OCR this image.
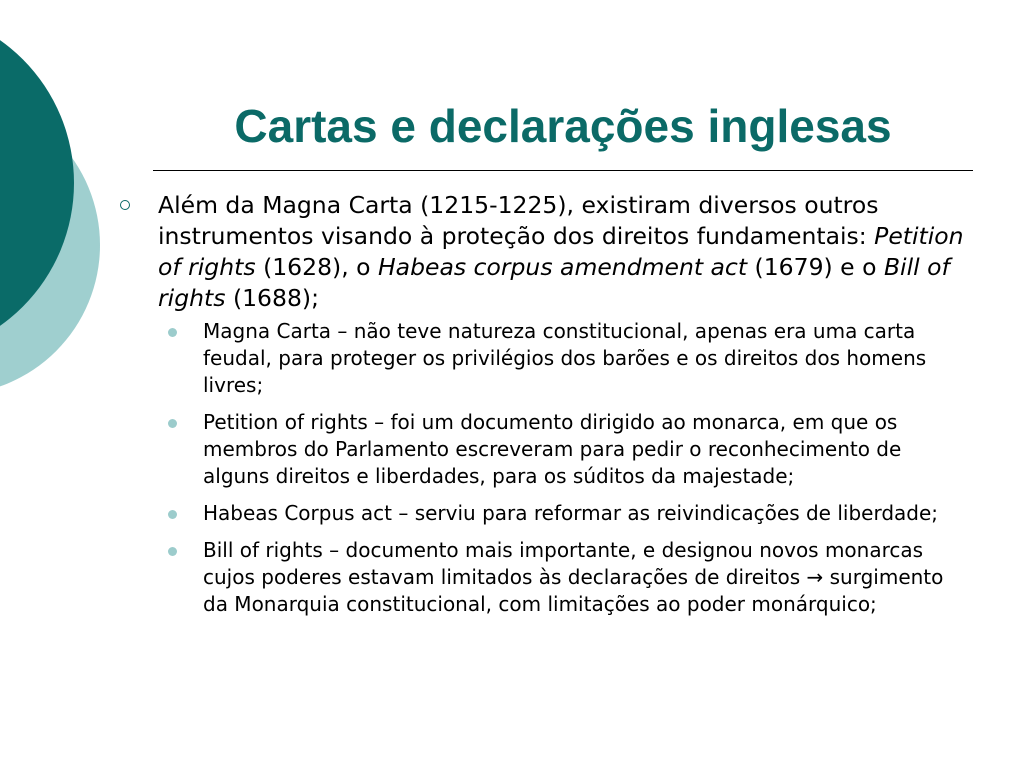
Cartas e declarações inglesas
Além da Magna Carta (1215-1225), existiram diversos outros instrumentos visando à proteção dos direitos fundamentais: Petition of rights (1628), o Habeas corpus amendment act (1679) e o Bill of rights (1688);
Magna Carta – não teve natureza constitucional, apenas era uma carta feudal, para proteger os privilégios dos barões e os direitos dos homens livres;
Petition of rights – foi um documento dirigido ao monarca, em que os membros do Parlamento escreveram para pedir o reconhecimento de alguns direitos e liberdades, para os súditos da majestade;
Habeas Corpus act – serviu para reformar as reivindicações de liberdade;
Bill of rights – documento mais importante, e designou novos monarcas cujos poderes estavam limitados às declarações de direitos → surgimento da Monarquia constitucional, com limitações ao poder monárquico;
